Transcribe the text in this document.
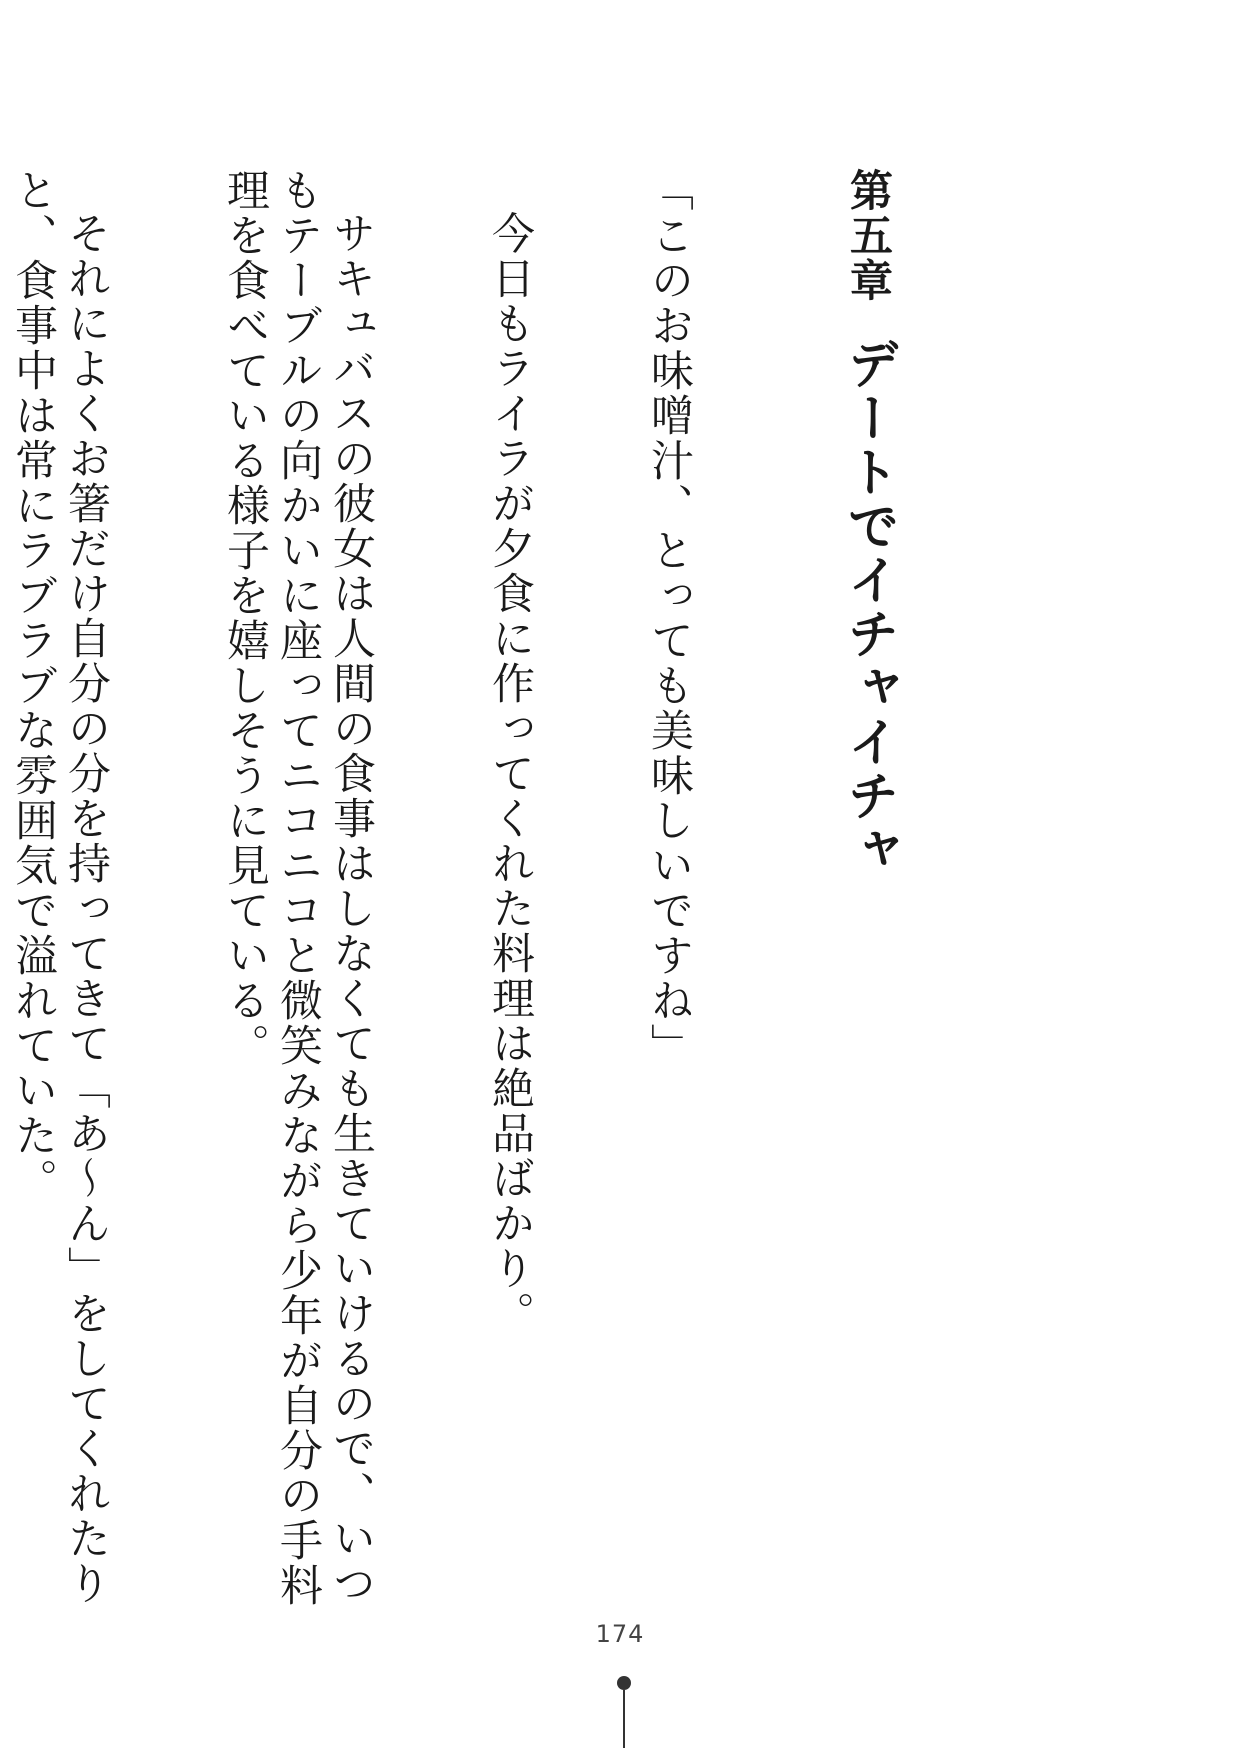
第五章デートでイチャイチャ

「このお味噌汁、とっても美味しいですね」

今日もライラが夕食に作ってくれた料理は絶品ばかり。

サキュバスの彼女は人間の食事はしなくても生きていけるので、いつもテーブルの向かいに座ってニコニコと微笑みながら少年が自分の手料理を食べている様子を嬉しそうに見ている。

それによくお箸だけ自分の分を持ってきて「あ～ん」をしてくれたりと、食事中は常にラブラブな雰囲気で溢れていた。

174
